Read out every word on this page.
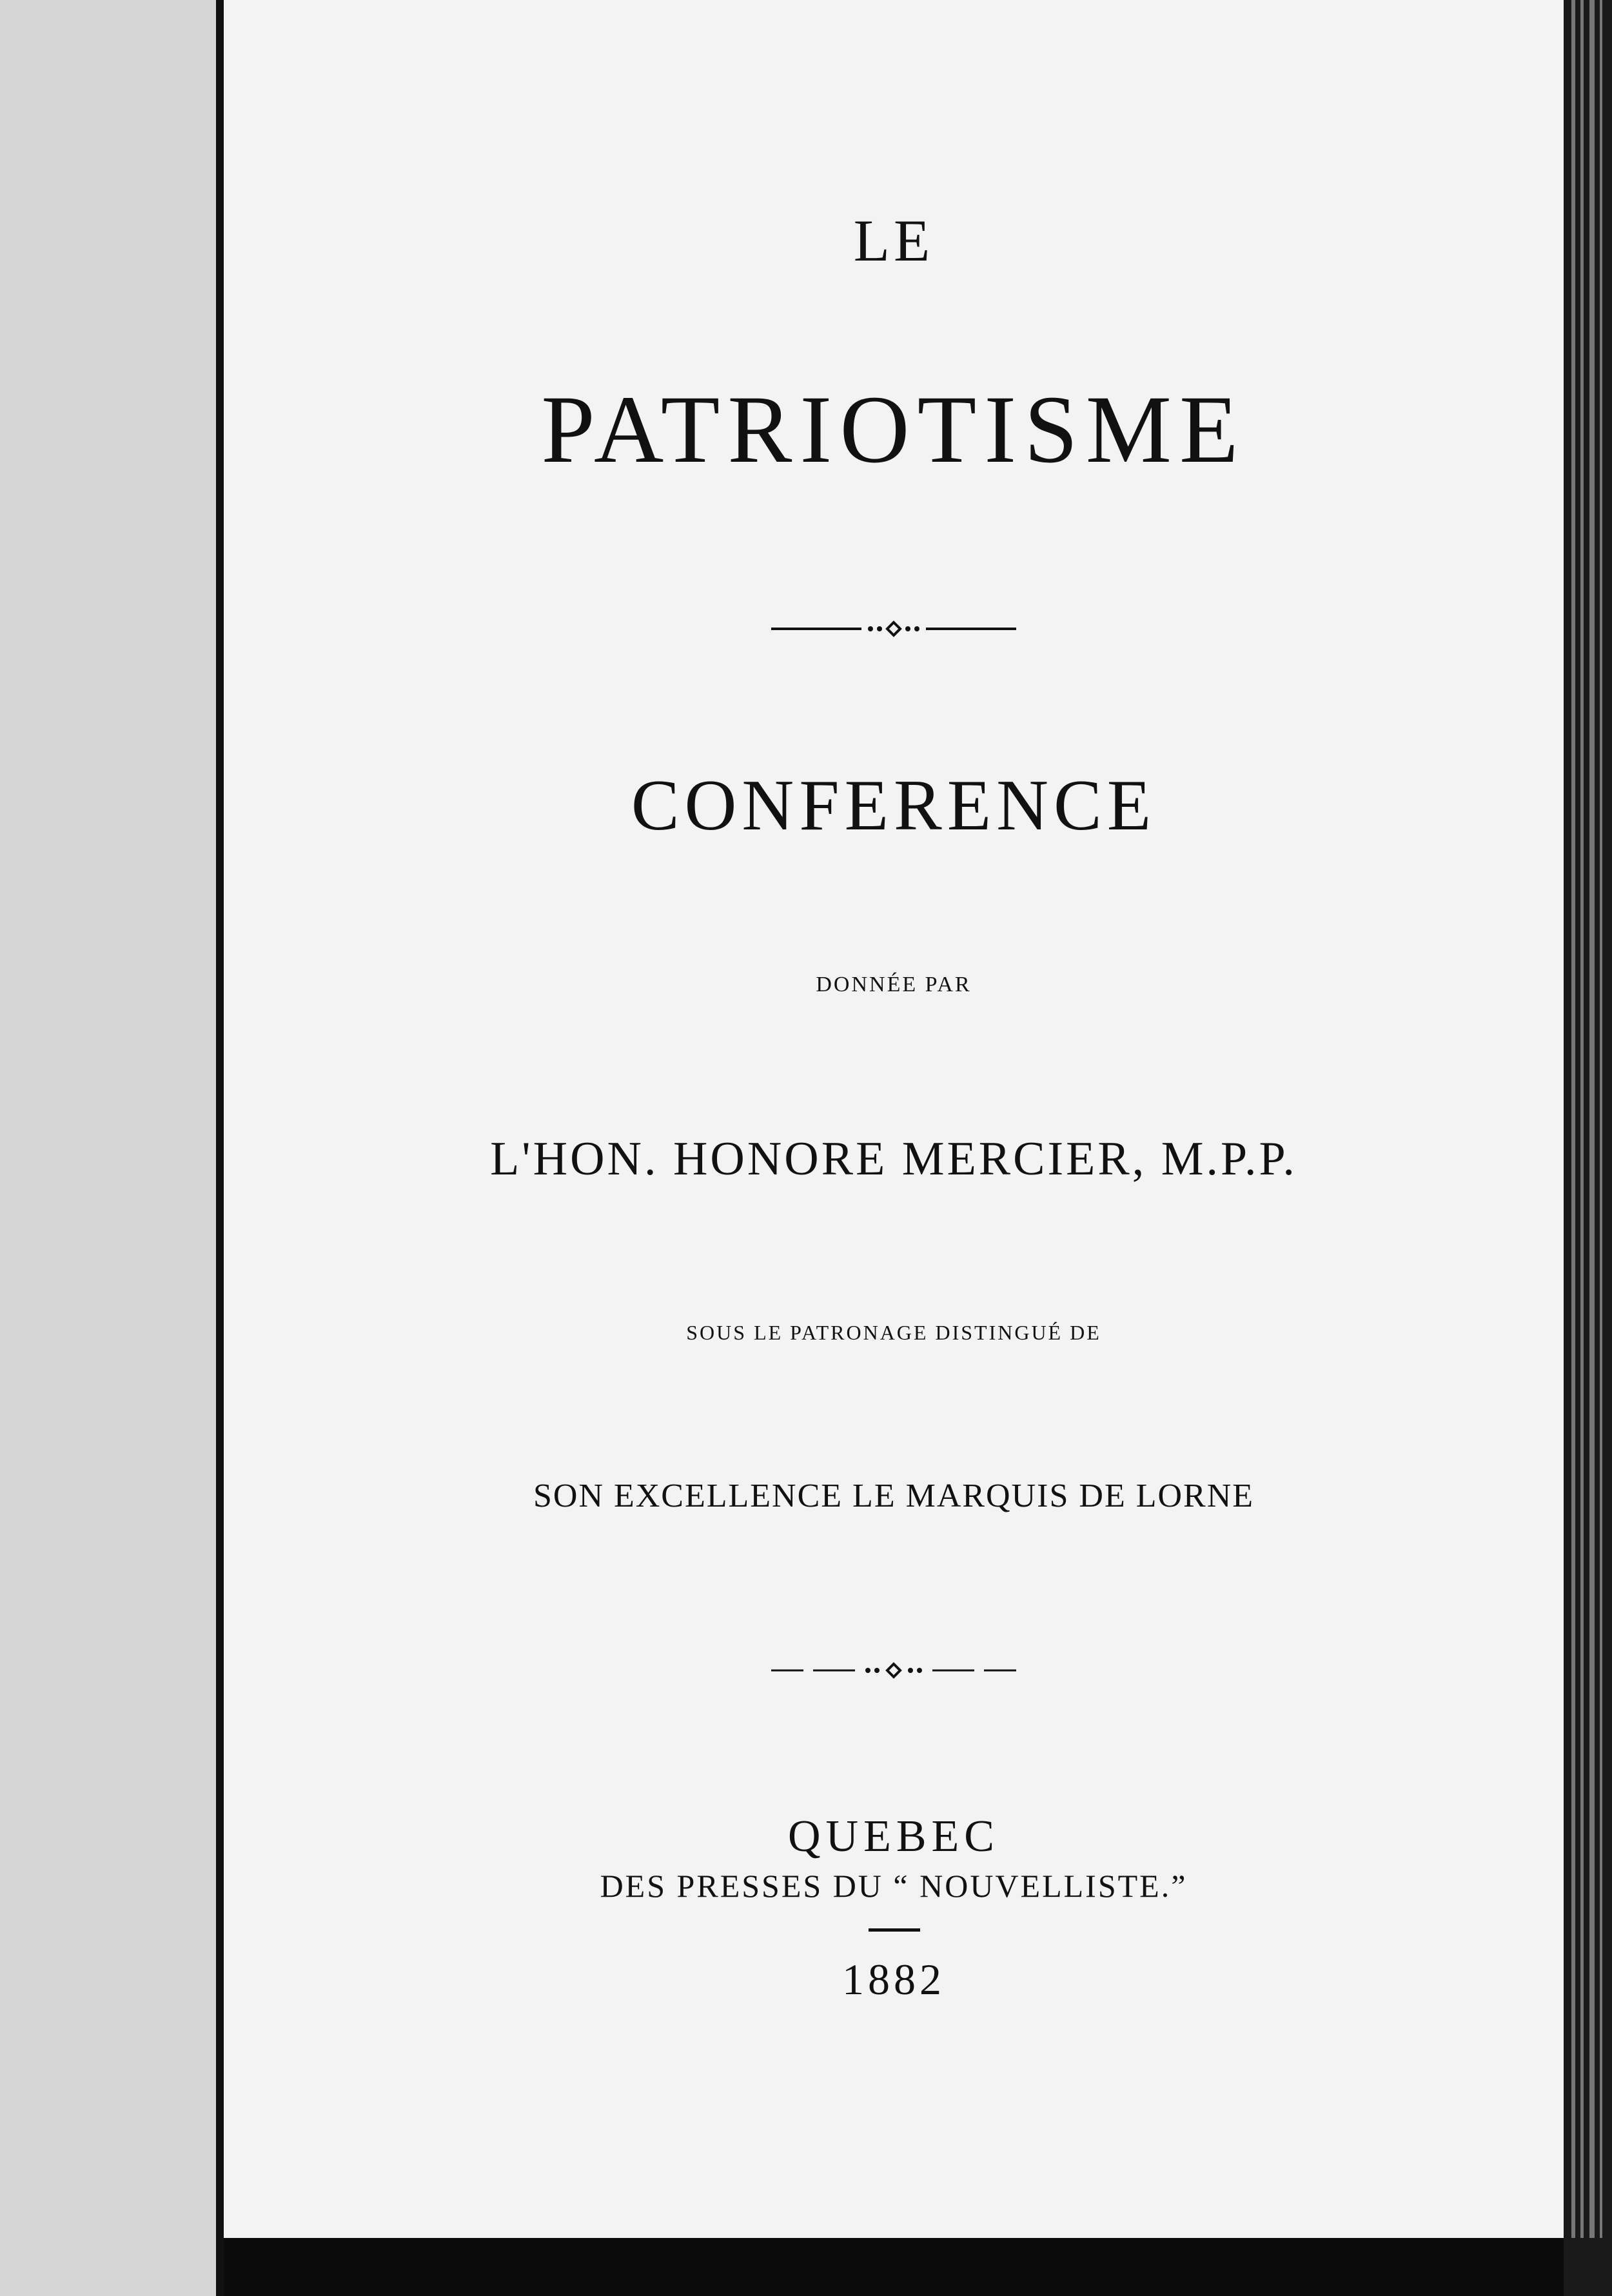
LE
PATRIOTISME
CONFERENCE
DONNÉE PAR
L'HON. HONORE MERCIER, M.P.P.
SOUS LE PATRONAGE DISTINGUÉ DE
SON EXCELLENCE LE MARQUIS DE LORNE
QUEBEC
DES PRESSES DU “ NOUVELLISTE.”
1882
